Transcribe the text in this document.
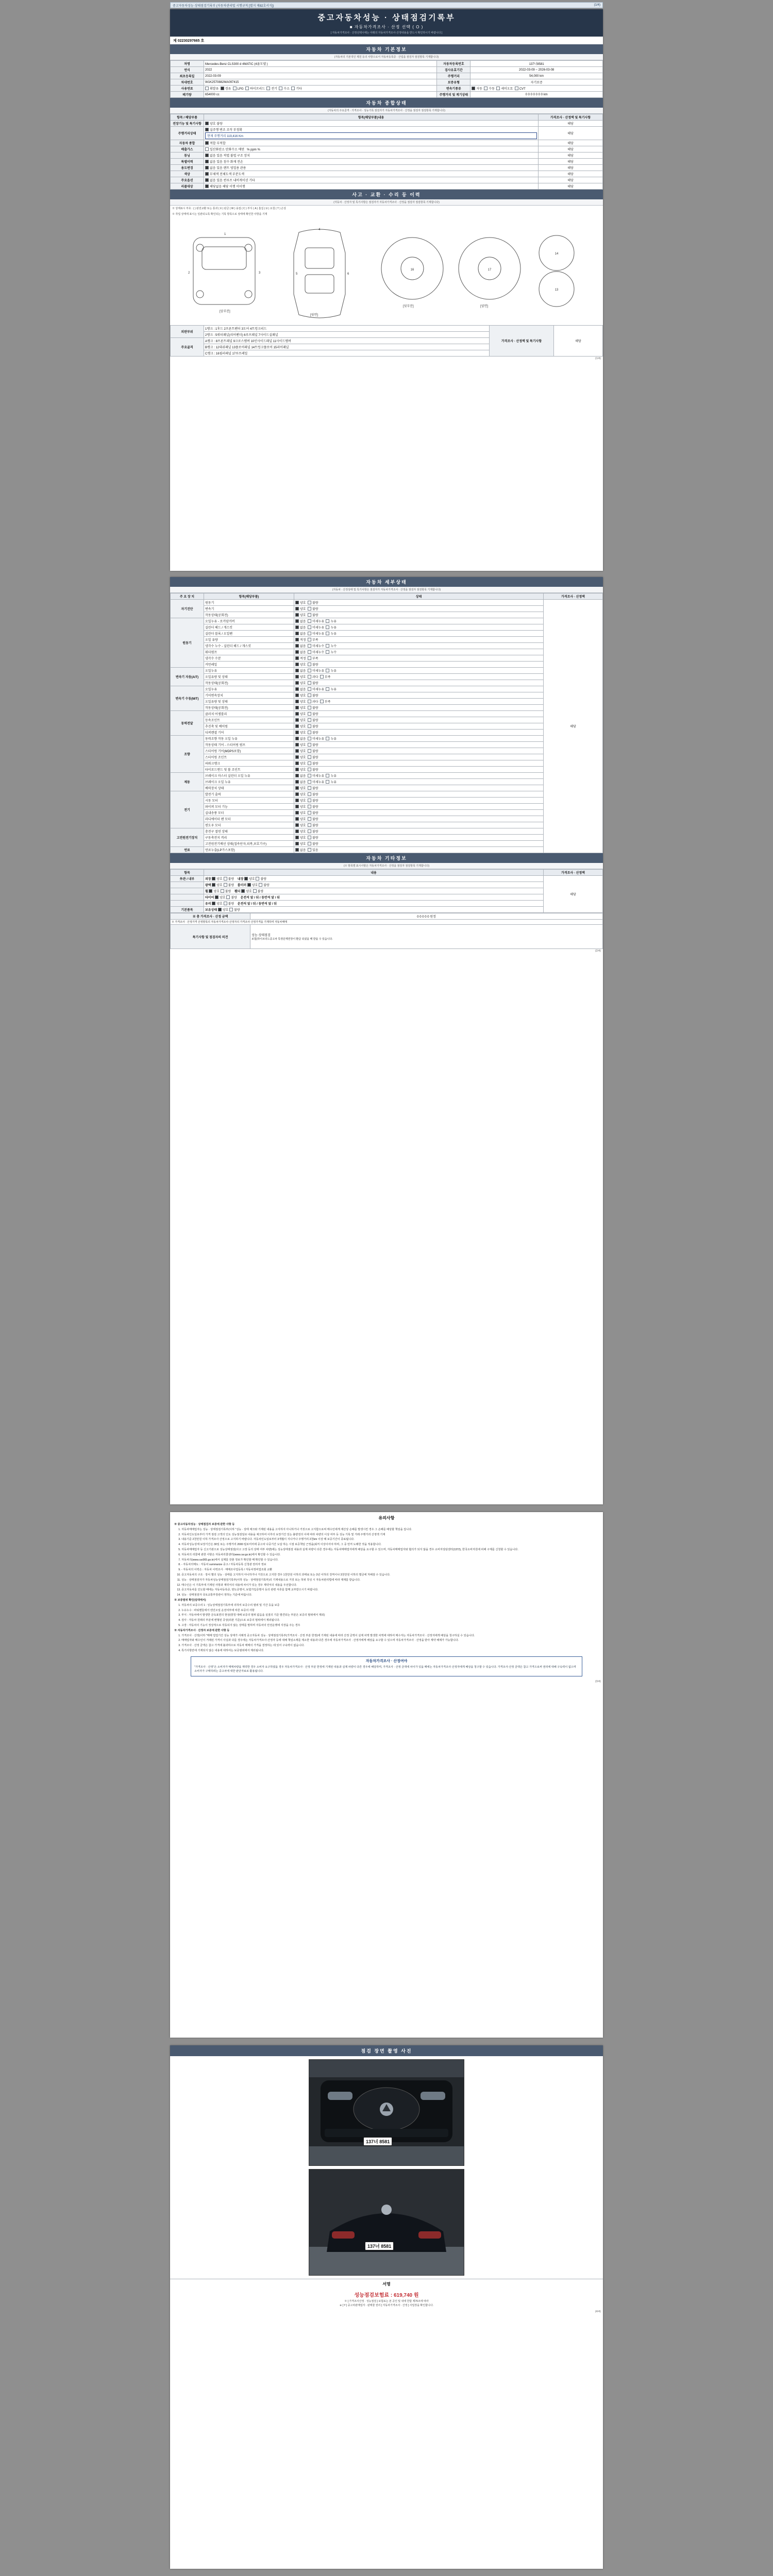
중고자동차성능·상태점검기록부 (자동차관리법 시행규칙 [별지 제82호서식])	(1/4)
중고자동차성능 · 상태점검기록부
■ 자동차가격조사 · 산정 선택 ( O )
[ 자동차가격조사 · 산정선택시에는 아래의 자동차가격조사·산정내용을 반드시 확인하시기 바랍니다 ]
제 02230297665 호
자동차 기본정보
(자동차의 기본적인 제원 등의 사항으로서 자동차등록증 · 산업을 점검자 점검항목 기재합니다)
차명	Mercedes-Benz CLS300 d 4MATIC (4륜모델 )	자동차등록번호	137너8581
연식	2022	검사유효기간	2022-03-09 ~ 2026-03-08
최초등록일	2022-03-09	주행거리	54,000 km
차대번호	W1K2570882MA097415	보증유형	자기보증
사용연료	휘발유 경유 LPG 하이브리드 전기 수소 기타	변속기종류	자동 수동 세미오토 CVT
배기량	654000 cc	주행거리 및 계기상태	0 0 0 0 0 0 0 km
자동차 종합상태
(자동차의 주요골격 · 가격조사 · 성능기록 점검자가 자동차가격조사 · 산정을 점검자 점검항목 기재합니다)
항목 / 해당부품	항목(해당부품)내용	가격조사 · 산정액 및 특기사항
전장기능 및 특기사항	양호 불량	해당
주행거리상태	실주행 변조 조작 부정확
현재 주행거리 119,416 Km	해당
자동차 종합	적합 부적합	해당
배출가스	일산화탄소 탄화수소 매연 % ppm %	해당
튜닝	없음 있음 적법 불법 구조 장치	해당
특별이력	없음 있음 침수 화재 전손	해당
용도변경	없음 있음 렌트 영업용 관용	해당
색상	무채색 전체도색 부분도색	해당
주요옵션	없음 있음 썬루프 내비게이션 기타	해당
리콜대상	해당없음 해당 이행 미이행	해당
사고 · 교환 · 수리 등 이력
(자동차 · 산정자 및 특기사항은 점검자가 자동차가격조사 · 산정을 점검자 점검항목 기재합니다)
※ 상태표시 부호 : ( ) 완전교환 또는 통과 ( X ) 판금 ( W ) 용접 ( C ) 부식 ( A ) 흠집 ( U ) 요철 ( T ) 손상
※ 작업 상태에 표시는 일관되도록 확인되는 기록 항목으로 상태에 확인한 사항을 기재
[앞부분]
[윗면]
[뒷부분]	[옆면]
16	17
14
13
1
2	3
4
5	6
외판부위	1랭크 : 1후드 2프론트펜더 3도어 4트렁크리드	가격조사 · 산정액 및 특기사항	해당
	2랭크 : 5쿼터패널(리어펜더) 6루프패널 7사이드실패널		
주요골격	A랭크 : 8프론트패널 9크로스멤버 10인사이드패널 11사이드멤버		
	B랭크 : 12대쉬패널 13플로어패널 14트렁크플로어 15리어패널		
	C랭크 : 16필러패널 17루프레일		
(1/4)
자동차 세부상태
(자동차 · 산정상태 및 특기사항은 점검자가 자동차가격조사 · 산정을 점검자 점검항목 기재합니다)
주 요 장 치	항목(해당부품)	상태	가격조사 · 산정액
자기진단	원동기	양호  불량	해당
	변속기	양호  불량	
	작동상태(공회전)	양호  불량	
원동기	오일누유 - 로커암커버	없음  미세누유  누유	
	실린더 헤드 / 개스킷	없음  미세누유  누유	
	실린더 블록 / 오일팬	없음  미세누유  누유	
	오일 유량	적정  부족	
	냉각수 누수 - 실린더 헤드 / 개스킷	없음  미세누수  누수	
	워터펌프	없음  미세누수  누수	
	냉각수 수분	적정  부족	
	커먼레일	양호  불량	
변속기 자동(A/T)	오일누유	없음  미세누유  누유	
	오일유량 및 상태	양호  과다  부족	
	작동상태(공회전)	양호  불량	
변속기 수동(M/T)	오일누유	없음  미세누유  누유	
	기어변속장치	양호  불량	
	오일유량 및 상태	양호  과다  부족	
	작동상태(공회전)	양호  불량	
동력전달	클러치 어셈블리	양호  불량	
	등속조인트	양호  불량	
	추진축 및 베어링	양호  불량	
	디퍼렌셜 기어	양호  불량	
조향	동력조향 작동 오일 누유	없음  미세누유  누유	
	작동상태 기어 - 스티어링 펌프	양호  불량	
	스티어링 기어(MDPS포함)	양호  불량	
	스티어링 조인트	양호  불량	
	파워크랭크	양호  불량	
	타이로드엔드 및 볼 조인트	양호  불량	
제동	브레이크 마스터 실린더 오일 누유	없음  미세누유  누유	
	브레이크 오일 누유	없음  미세누유  누유	
	배력장치 상태	양호  불량	
전기	발전기 출력	양호  불량	
	시동 모터	양호  불량	
	와이퍼 모터 기능	양호  불량	
	실내송풍 모터	양호  불량	
	라디에이터 팬 모터	양호  불량	
	윈도우 모터	양호  불량	
고전원전기장치	충전구 절연 상태	양호  불량	
	구동축전지 격리	양호  불량	
	고전원전기배선 상태(접속단자,피복,보호기구)	양호  불량	
연료	연료누출(LP가스포함)	없음  있음	
자동차 기타정보
(※ 항목별 표시사항은 자동차가격조사 · 산정을 점검자 점검항목 기재합니다)
항목	내용	가격조사 · 산정액
外관 / 내부	외장 양호 불량    내장 양호 불량	해당
	광택 양호 불량    룸미러 양호 불량	
	휠 양호 불량    휀더 양호 불량	
	타이어 양호 불량    운전석 앞 / 뒤 / 동반석 앞 / 뒤	
	유리 양호 불량    운전석 앞 / 뒤 / 동반석 앞 / 뒤	
기본품목	보유상태 양호 불량	
※ 총 가격조사 · 산정 금액	0 0 0 0 0 원정
※ 가격조사 · 산정가격 산정항목의 자동차가격조사·산정자의 가격조사·산정가격을 기재하며 자동차매매	
특기사항 및 점검자의 의견	성능·상태점검
보험(하이브리드중고차 특정단계연장이 환급 되셨을 때 받을 수 있습니다.
(2/4)
유의사항

※ 중고자동차성능 · 상태점검자 보증에 관한 사항 등

1. 자동차매매업자는 성능 · 상태점검기록부(이하 "성능 · 상태 체크와 기재된 내용을 고지하지 아니하거나 거짓으로 고지함으로써 매수인에게 재산상 손해를 발생시킨 경우 그 손해를 배상할 책임을 집니다.
2. 자동차인도일로부터 가격 점검 고객의 인도 성능점검일로 내용을 체크하여 이후의 보장기간 있는 불량전의 이에 따라 차량의 이상 여부 등 성능 기록 및 거래 주행거리 산정액 기재
3. 내용기준 2천만원 이하 가격조사 산정으로 고지하기 바랍니다. 자동차인도일로부터 3개월이 지나거나 주행거리 2천km 이상 때 보증기간이 종료됩니다.
4. 자동차성능상태 보장기간은 30일 또는 주행거리 2000 킬로미터에 중고차 나중기간 도달 하는 시점 보증책임 근정을(최저 이상이어야 하며, 그 중 먼저 도래한 것을 적용합니다.
5. 자동차매매업자 등 신고기관으로 성능상태점검(사고 고장 등의 상태 여부 차량)에는 성능상태점검 내용과 실제 차량이 다른 경우에는 자동차매매업자에게 배상을 요구할 수 있으며, 자동차매매업자와 협의가 되지 않을 경우 소비자상담센터(1372), 한국소비자원에 피해 구제를 신청할 수 있습니다.
6. 자동차의 리콜에 관한 사항은 자동차리콜센터(www.car.go.kr)에서 확인할 수 있습니다.
7. 자동차의(www.car365.go.kr)에서 실제를 갖춘 정보가 확인할 때 확인할 수 있습니다.
8. - 자동차의매도 : 자동차 summarize 중고 / 자동차등록 신청관 권리자 정보
9. - 자동차의 이력은 : 자동차 이력조사 · 매매조사업등록 / 자동차정비업조회 교환
10. 중고자동차의 구조 · 장치 별의 성능 · 상태를 고지하지 아니하거나 거짓으로 고지한 경우 1천만원 이하의 과태료 또는 3년 이하의 징역이나 3천만원 이하의 벌금에 처해질 수 있습니다.
11. 성능 · 상태점검자가 자동차성능상태점검기록부(이하 성능 · 상태점검기록부)의 기재내용으로 거짓 또는 허위 작성 시 자동차관리법에 따라 제재를 받습니다.
12. 매수인은 이 기록부에 기재된 사항과 계약서의 내용에 차이가 있는 경우 계약서의 내용을 우선합니다.
13. 중고자동차를 인도할 때에는 자동차등록증, 양도증명서, 보험가입증명서 등의 관련 서류를 함께 교부받으시기 바랍니다.
14. 성능 · 상태점검자 국토교통부장관이 정하는 기준에 따릅니다.

※ 보증범위 확인(임대에서)

1. 자동차의 보증수리 1 : 성능상태점검기록부에 의하여 보증수리 범위 및 기간 등을 보증
2. 누유누수 : 파워핸들에서 엔진오일 운전여부에 따른 보증의 사항
3. 부식 : 자동차에서 발생한 금속표면의 현상(방청 대해 보증의 범위 없음을 실질의 기준 발견되는 부분은 보증의 범위에서 제외)
4. 검사 : 자동차 원래의 부분에 변형된 증상(외관 기준)으로 보증의 범위에서 제외됩니다.
5. 고장 : 자동차의 기능이 정상적으로 작동되지 않는 상태를 말하며 자동차의 안전운행에 지장을 주는 경우

※ 자동차가격조사 · 산정자 보증에 관한 사항 등

1. 가격조사 · 산정(이하 "매매 업업기간 성능 상태가 사례적 중고자동차 성능 · 상태점검기록부(가격조사 · 산정 부분 한정)에 기재된 내용에 따라 산정 금액이 실제 차액 발생한 차액에 대하여 매수자는 자동차가격조사 · 산정자에게 배상을 청구하실 수 있습니다.
2. 매매업자와 매수인이 거래된 가격이 사실과 다를 경우에는 자동차가격조사·산정자 등에 대해 책임소재를 제소한 내용과 다른 경우에 자동차가격조사 · 산정자에게 배상을 요구할 수 있으며 자동차가격조사 · 산정을 받아 계약 해제가 가능합니다.
3. 가격조사 · 산정 금액은 참고 가격에 불과하므로 자동차 매매의 가격을 결정하는 데 있어 구속력이 없습니다.
4. 특기사항란에 기재되지 않은 내용에 대하여는 보증범위에서 제외됩니다.
자동차가격조사 · 산정여야
"가격조사 · 산정"은 소비자가 매매차량을 계약한 경우 소비자 요구하였을 경우 자동차가격조사 · 산정 부분 한정에 기재된 내용과 실제 차량이 다른 경우에 해당하며, 가격조사 · 산정 금액에 차이가 있을 때에는 자동차가격조사·산정자에게 배상을 청구할 수 있습니다. 가격조사·산정 금액은 참고 가격으로써 권리에 대해 구속력이 없으며 소비자가 구매하려는 중고차에 대한 판단자료로 활용됩니다.
(3/4)
점검 장면 촬영 사진
137너 8581
137너 8581
서명
성능점검보험료 : 619,740 원
※ [ 가격조사산정 · 성능점검 ] 보험료는 본 공인 및 내에 한함 제70조에 따라
※ [ Y ] 중고차판매업자 · 판매물 권리 [ 자동차가격조사 · 산정 ] 사업장을 확인합니다.
(4/4)
